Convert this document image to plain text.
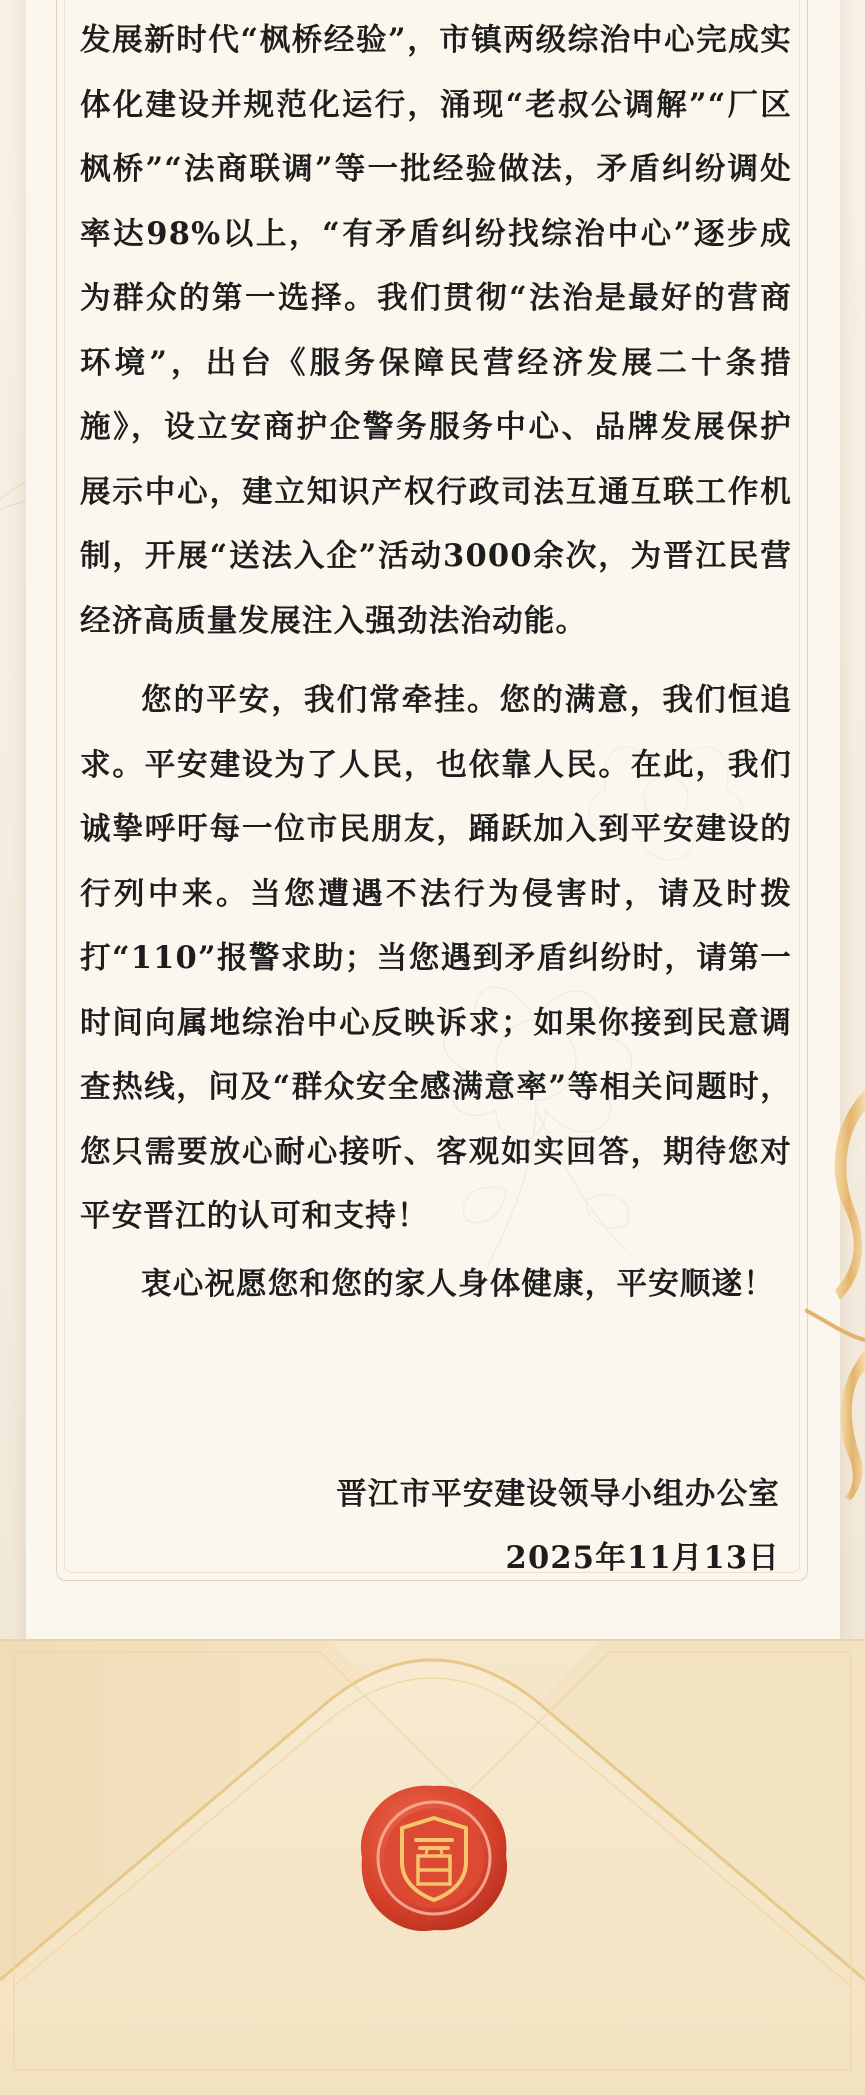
发展新时代“枫桥经验”，市镇两级综治中心完成实体化建设并规范化运行，涌现“老叔公调解”“厂区枫桥”“法商联调”等一批经验做法，矛盾纠纷调处率达98%以上，“有矛盾纠纷找综治中心”逐步成为群众的第一选择。我们贯彻“法治是最好的营商环境”，出台《服务保障民营经济发展二十条措施》，设立安商护企警务服务中心、品牌发展保护展示中心，建立知识产权行政司法互通互联工作机制，开展“送法入企”活动3000余次，为晋江民营经济高质量发展注入强劲法治动能。

您的平安，我们常牵挂。您的满意，我们恒追求。平安建设为了人民，也依靠人民。在此，我们诚挚呼吁每一位市民朋友，踊跃加入到平安建设的行列中来。当您遭遇不法行为侵害时，请及时拨打“110”报警求助；当您遇到矛盾纠纷时，请第一时间向属地综治中心反映诉求；如果你接到民意调查热线，问及“群众安全感满意率”等相关问题时，您只需要放心耐心接听、客观如实回答，期待您对平安晋江的认可和支持！

衷心祝愿您和您的家人身体健康，平安顺遂！

晋江市平安建设领导小组办公室
2025年11月13日
